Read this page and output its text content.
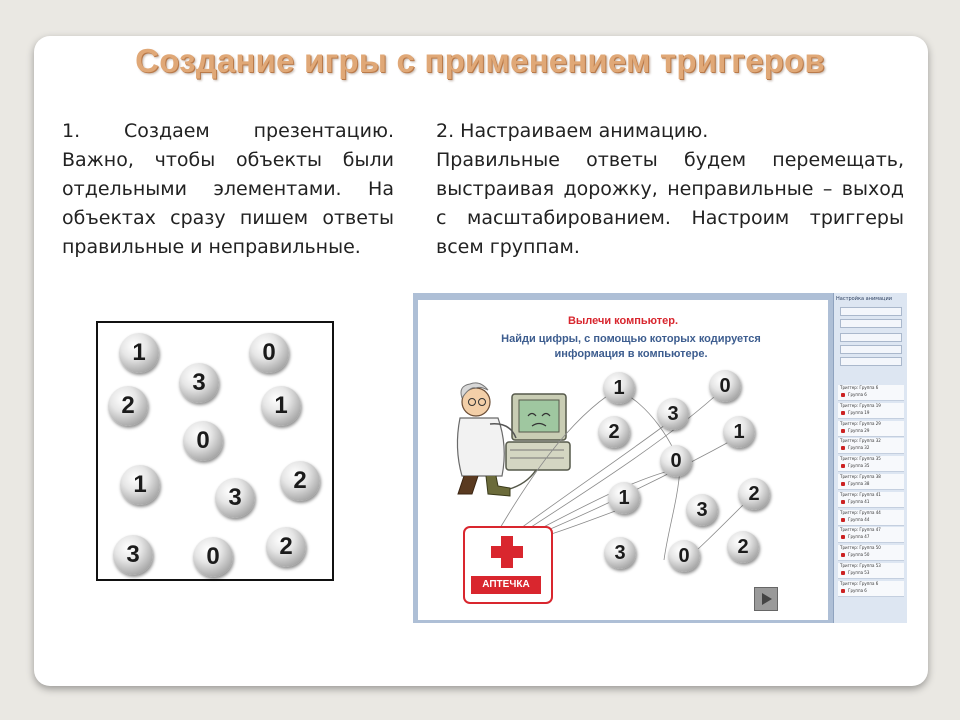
Создание игры с применением триггеров
1. Создаем презентацию. Важно, чтобы объекты были отдельными элементами. На объектах сразу пишем ответы правильные и неправильные.
2. Настраиваем анимацию.
Правильные ответы будем перемещать, выстраивая дорожку, неправильные – выход с масштабированием. Настроим триггеры всем группам.
1	0
3
2	1
0
1	2
3
3	0	2
Вылечи компьютер.
Найди цифры, с помощью которых кодируется информация в компьютере.
1	0
3
2	1
0
1	2
3
3	0	2
АПТЕЧКА
Настройка анимации
Триггер: Группа 6
Группа 6
Триггер: Группа 19
Группа 19
Триггер: Группа 29
Группа 29
Триггер: Группа 32
Группа 32
Триггер: Группа 35
Группа 35
Триггер: Группа 38
Группа 38
Триггер: Группа 41
Группа 41
Триггер: Группа 44
Группа 44
Триггер: Группа 47
Группа 47
Триггер: Группа 50
Группа 50
Триггер: Группа 53
Группа 53
Триггер: Группа 6
Группа 6
